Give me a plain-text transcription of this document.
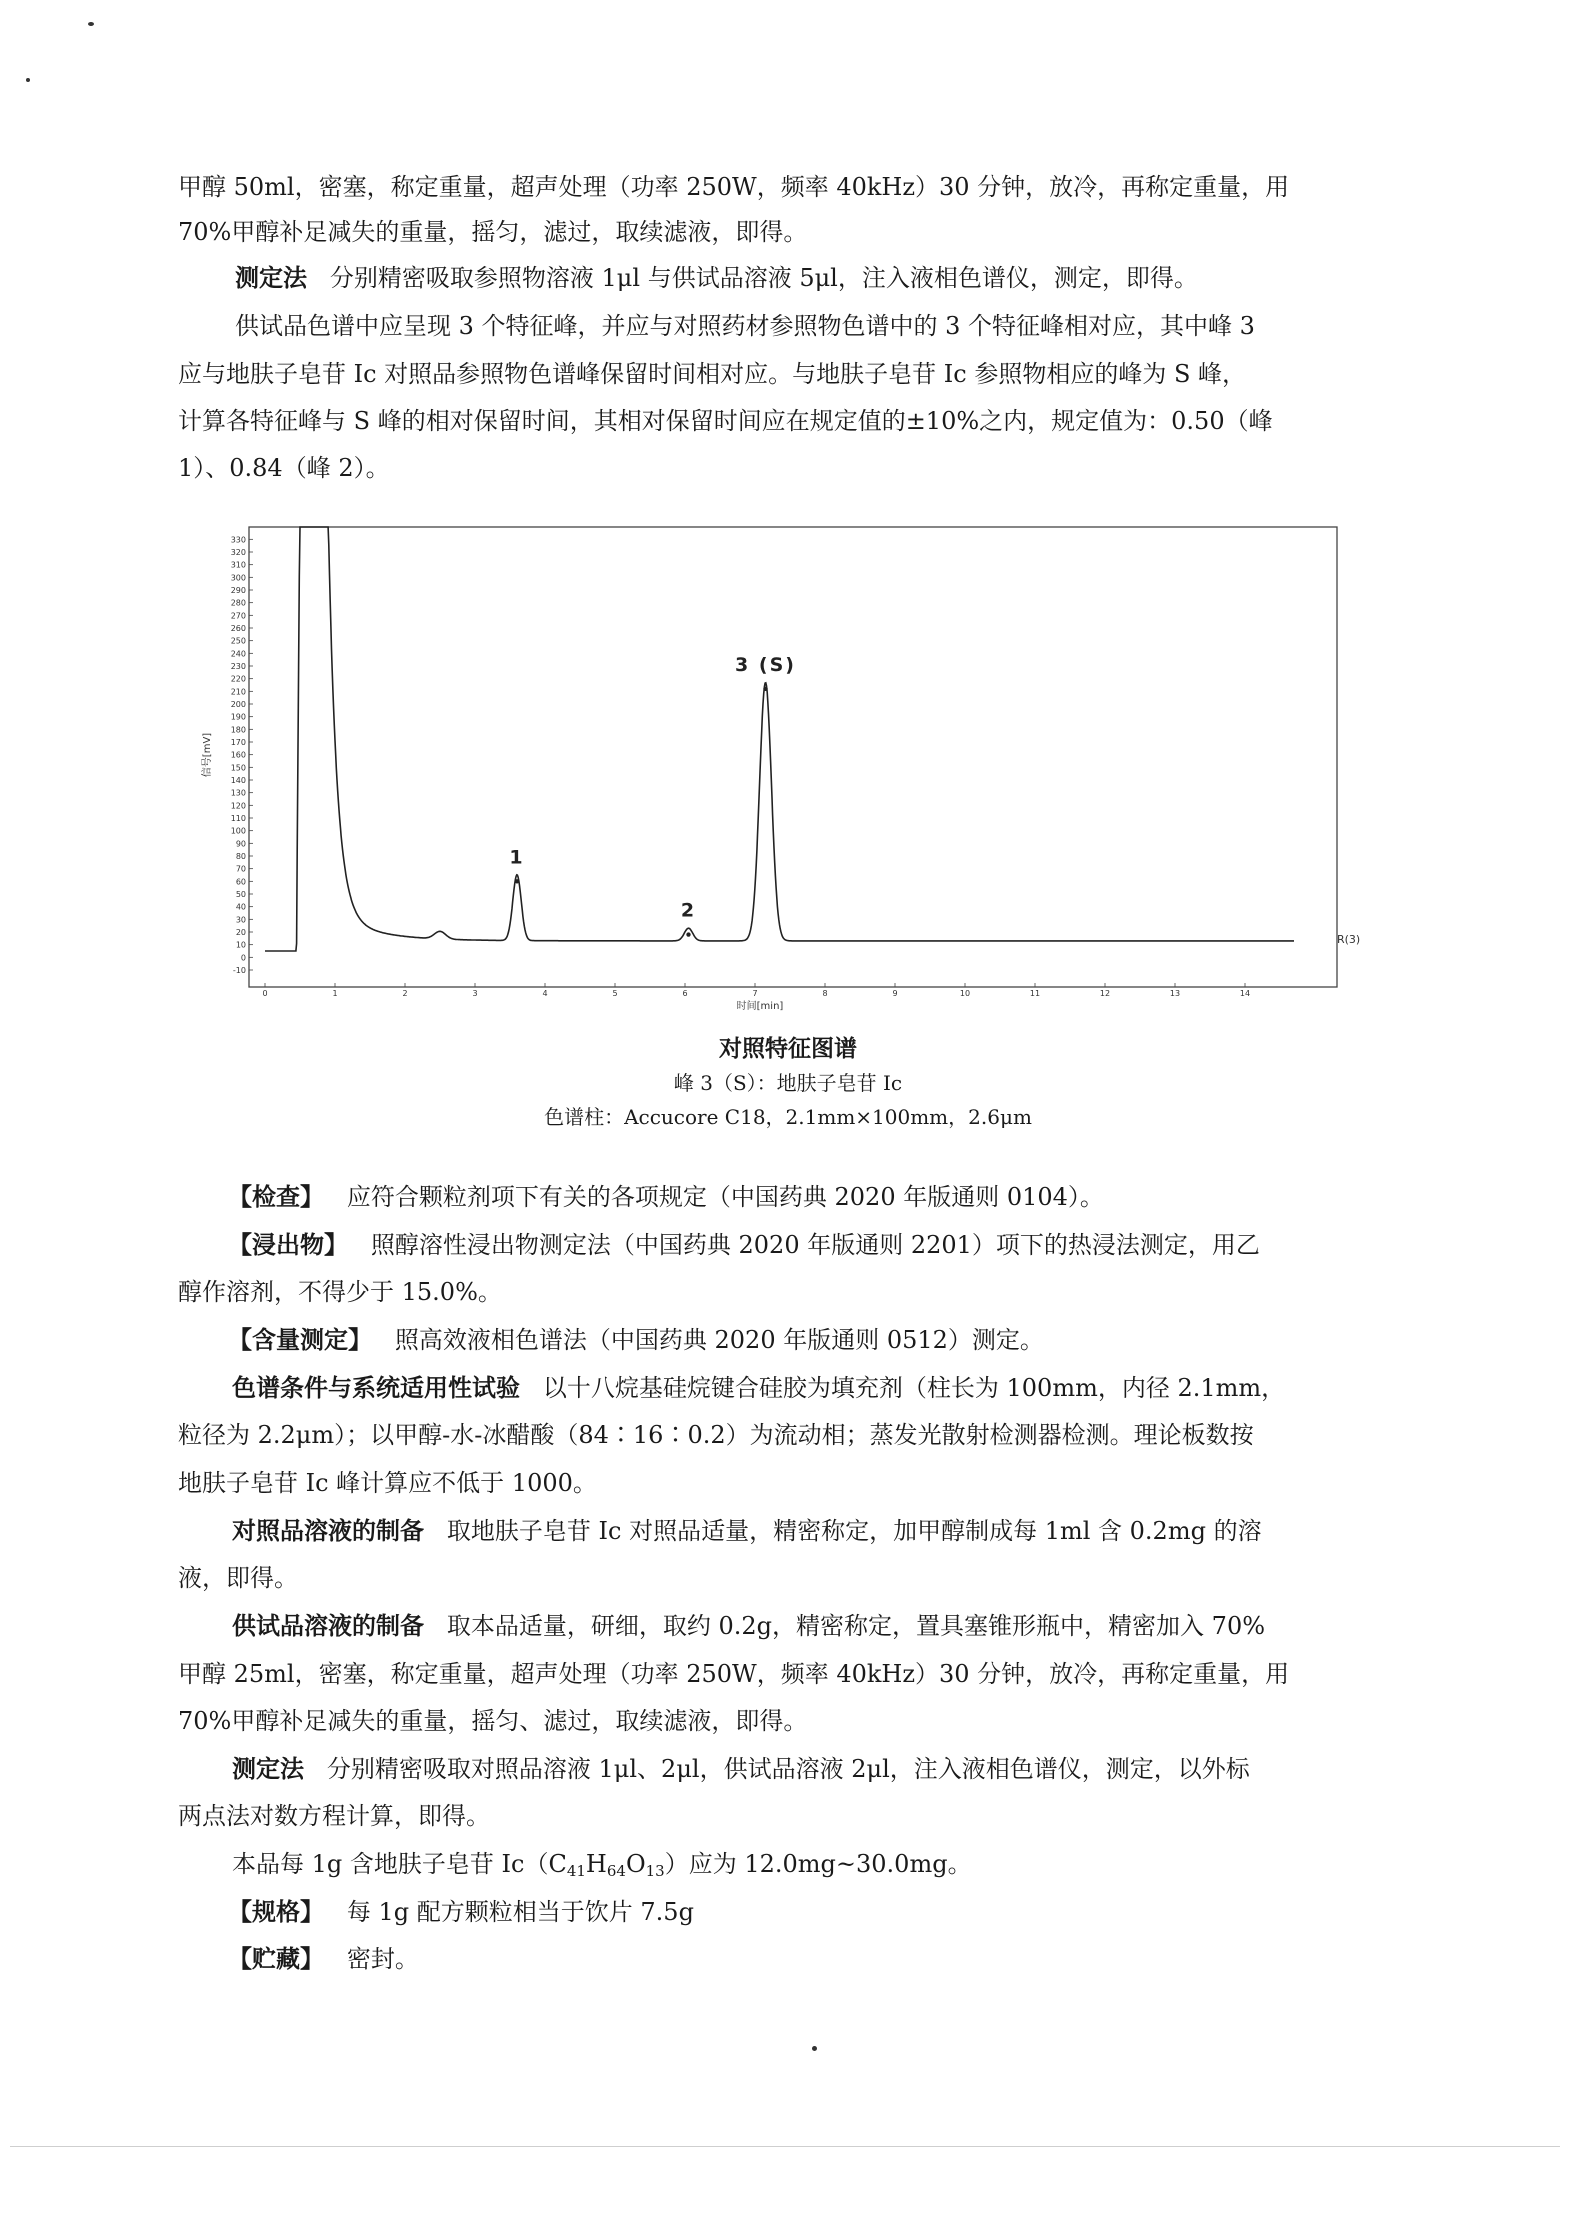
甲醇 50ml，密塞，称定重量，超声处理（功率 250W，频率 40kHz）30 分钟，放冷，再称定重量，用
70%甲醇补足减失的重量，摇匀，滤过，取续滤液，即得。
测定法 分别精密吸取参照物溶液 1μl 与供试品溶液 5μl，注入液相色谱仪，测定，即得。
供试品色谱中应呈现 3 个特征峰，并应与对照药材参照物色谱中的 3 个特征峰相对应，其中峰 3
应与地肤子皂苷 Ic 对照品参照物色谱峰保留时间相对应。与地肤子皂苷 Ic 参照物相应的峰为 S 峰，
计算各特征峰与 S 峰的相对保留时间，其相对保留时间应在规定值的±10%之内，规定值为：0.50（峰
1）、0.84（峰 2）。
330
320
310
300
290
280
270
260
250
240
230
220
210
200
190
180
170
160
150
140
130
120
110
100
90
80
70
60
50
40
30
20
10
0
-10
0	1	2	3	4	5	6	7	8	9	10	11	12	13	14
1
2
3 (S)
信号[mV]
时间[min]
R(3)
对照特征图谱
峰 3（S）：地肤子皂苷 Ic
色谱柱：Accucore C18，2.1mm×100mm，2.6μm
【检查】 应符合颗粒剂项下有关的各项规定（中国药典 2020 年版通则 0104）。
【浸出物】 照醇溶性浸出物测定法（中国药典 2020 年版通则 2201）项下的热浸法测定，用乙
醇作溶剂，不得少于 15.0%。
【含量测定】 照高效液相色谱法（中国药典 2020 年版通则 0512）测定。
色谱条件与系统适用性试验 以十八烷基硅烷键合硅胶为填充剂（柱长为 100mm，内径 2.1mm，
粒径为 2.2μm）；以甲醇-水-冰醋酸（84∶16∶0.2）为流动相；蒸发光散射检测器检测。理论板数按
地肤子皂苷 Ic 峰计算应不低于 1000。
对照品溶液的制备 取地肤子皂苷 Ic 对照品适量，精密称定，加甲醇制成每 1ml 含 0.2mg 的溶
液，即得。
供试品溶液的制备 取本品适量，研细，取约 0.2g，精密称定，置具塞锥形瓶中，精密加入 70%
甲醇 25ml，密塞，称定重量，超声处理（功率 250W，频率 40kHz）30 分钟，放冷，再称定重量，用
70%甲醇补足减失的重量，摇匀、滤过，取续滤液，即得。
测定法 分别精密吸取对照品溶液 1μl、2μl，供试品溶液 2μl，注入液相色谱仪，测定，以外标
两点法对数方程计算，即得。
本品每 1g 含地肤子皂苷 $Ic(C_{41}H_{64}O_{13})$应为 12.0mg~30.0mg。
【规格】 每 1g 配方颗粒相当于饮片 7.5g
【贮藏】 密封。
